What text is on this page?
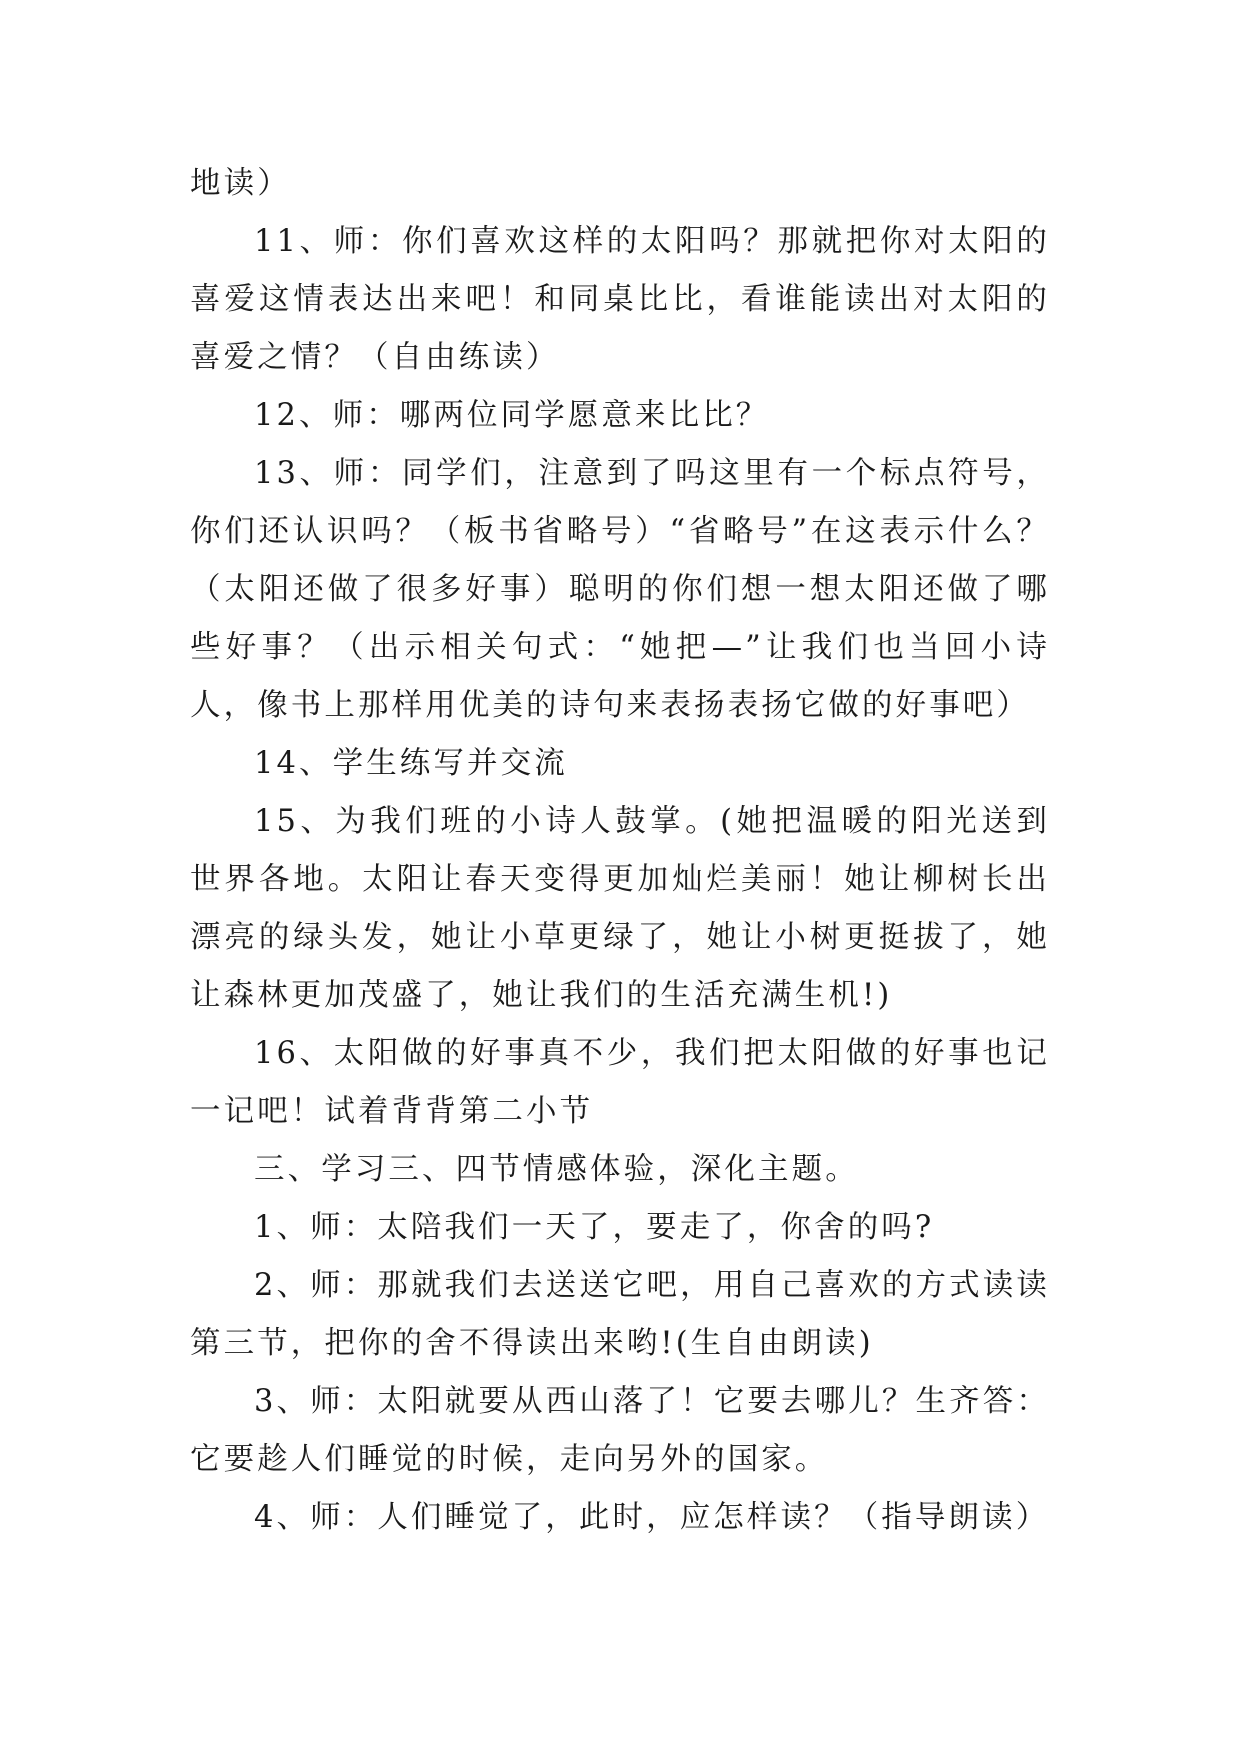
地读）

11、师：你们喜欢这样的太阳吗？那就把你对太阳的喜爱这情表达出来吧！和同桌比比，看谁能读出对太阳的喜爱之情？（自由练读）

12、师：哪两位同学愿意来比比？

13、师：同学们，注意到了吗这里有一个标点符号，你们还认识吗？（板书省略号）“省略号”在这表示什么？（太阳还做了很多好事）聪明的你们想一想太阳还做了哪些好事？（出示相关句式：“她把—”让我们也当回小诗人，像书上那样用优美的诗句来表扬表扬它做的好事吧）

14、学生练写并交流

15、为我们班的小诗人鼓掌。(她把温暖的阳光送到世界各地。太阳让春天变得更加灿烂美丽！她让柳树长出漂亮的绿头发，她让小草更绿了，她让小树更挺拔了，她让森林更加茂盛了，她让我们的生活充满生机!)

16、太阳做的好事真不少，我们把太阳做的好事也记一记吧！试着背背第二小节

三、学习三、四节情感体验，深化主题。

1、师：太陪我们一天了，要走了，你舍的吗?

2、师：那就我们去送送它吧，用自己喜欢的方式读读第三节，把你的舍不得读出来哟!(生自由朗读)

3、师：太阳就要从西山落了！它要去哪儿？生齐答：它要趁人们睡觉的时候，走向另外的国家。

4、师：人们睡觉了，此时，应怎样读？（指导朗读）
